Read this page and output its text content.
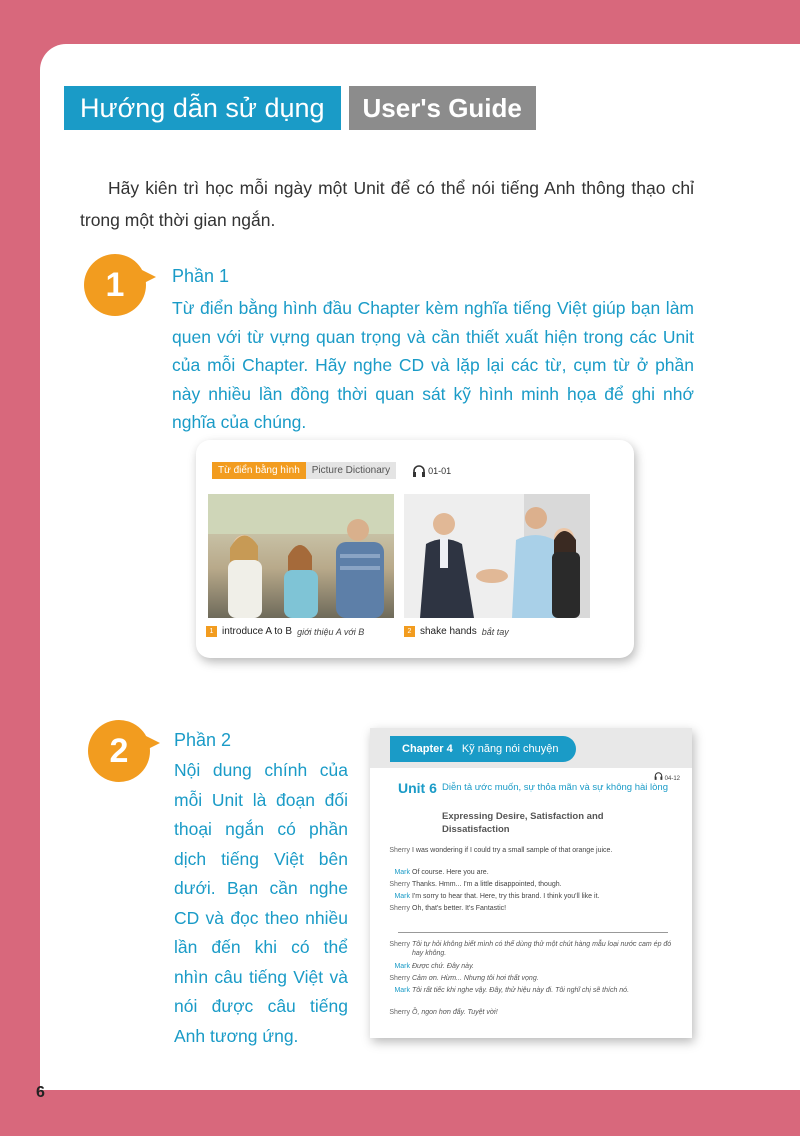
Hướng dẫn sử dụng	User's Guide
Hãy kiên trì học mỗi ngày một Unit để có thể nói tiếng Anh thông thạo chỉ trong một thời gian ngắn.
1	Phần 1
Từ điển bằng hình đầu Chapter kèm nghĩa tiếng Việt giúp bạn làm quen với từ vựng quan trọng và cần thiết xuất hiện trong các Unit của mỗi Chapter. Hãy nghe CD và lặp lại các từ, cụm từ ở phần này nhiều lần đồng thời quan sát kỹ hình minh họa để ghi nhớ nghĩa của chúng.
Từ điển bằng hình	Picture Dictionary	01-01
1 introduce A to B giới thiệu A với B	2 shake hands bắt tay
2	Phần 2
Nội dung chính của mỗi Unit là đoạn đối thoại ngắn có phần dịch tiếng Việt bên dưới. Bạn cần nghe CD và đọc theo nhiều lần đến khi có thể nhìn câu tiếng Việt và nói được câu tiếng Anh tương ứng.
Chapter 4 Kỹ năng nói chuyện
04-12
Unit 6 Diễn tả ước muốn, sự thỏa mãn và sự không hài lòng
Expressing Desire, Satisfaction and Dissatisfaction
Sherry I was wondering if I could try a small sample of that orange juice.
Mark Of course. Here you are.
Sherry Thanks. Hmm... I'm a little disappointed, though.
Mark I'm sorry to hear that. Here, try this brand. I think you'll like it.
Sherry Oh, that's better. It's Fantastic!
Sherry Tôi tự hỏi không biết mình có thể dùng thử một chút hàng mẫu loại nước cam ép đó hay không.
Mark Được chứ. Đây này.
Sherry Cảm ơn. Hừm... Nhưng tôi hơi thất vọng.
Mark Tôi rất tiếc khi nghe vậy. Đây, thử hiệu này đi. Tôi nghĩ chị sẽ thích nó.
Sherry Ồ, ngon hơn đấy. Tuyệt vời!
6
